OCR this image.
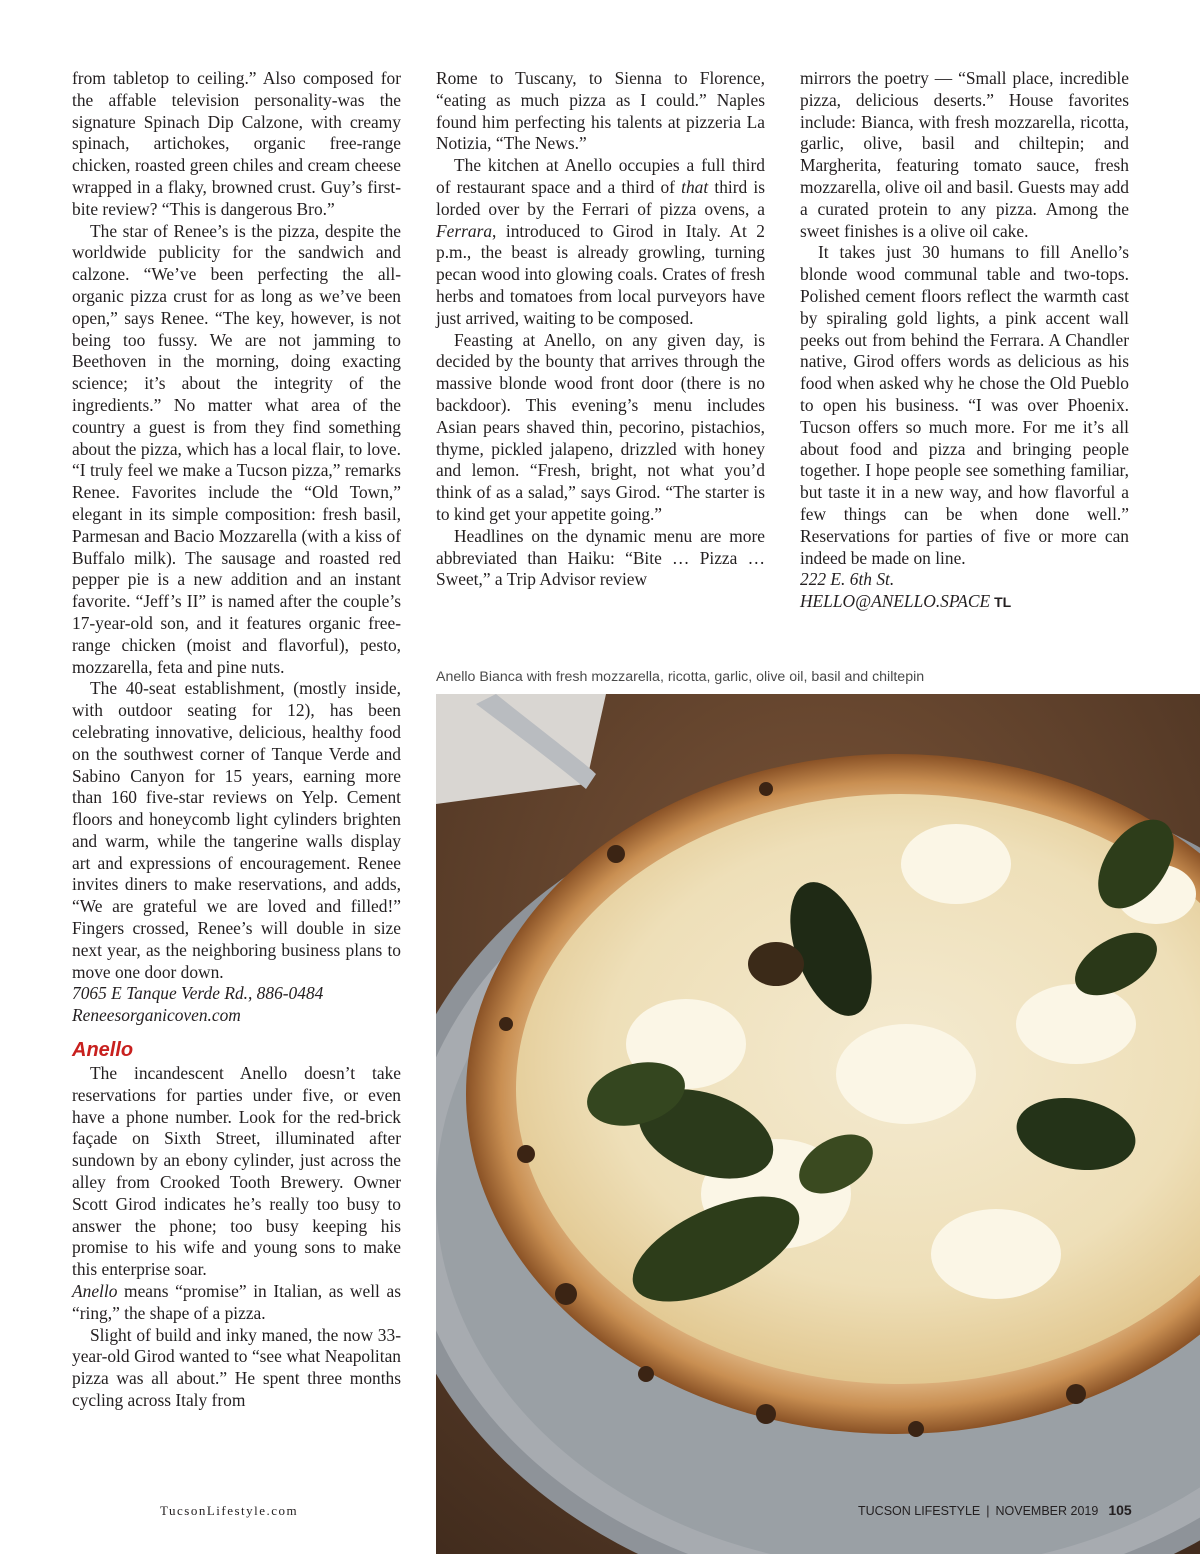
from tabletop to ceiling.” Also composed for the affable television personality-was the signature Spinach Dip Calzone, with creamy spinach, artichokes, organic free-range chicken, roasted green chiles and cream cheese wrapped in a flaky, browned crust. Guy’s first-bite review? “This is dangerous Bro.”

The star of Renee’s is the pizza, despite the worldwide publicity for the sandwich and calzone. “We’ve been perfecting the all-organic pizza crust for as long as we’ve been open,” says Renee. “The key, however, is not being too fussy. We are not jamming to Beethoven in the morning, doing exacting science; it’s about the integrity of the ingredients.” No matter what area of the country a guest is from they find something about the pizza, which has a local flair, to love. “I truly feel we make a Tucson pizza,” remarks Renee. Favorites include the “Old Town,” elegant in its simple composition: fresh basil, Parmesan and Bacio Mozzarella (with a kiss of Buffalo milk). The sausage and roasted red pepper pie is a new addition and an instant favorite. “Jeff’s II” is named after the couple’s 17-year-old son, and it features organic free-range chicken (moist and flavorful), pesto, mozzarella, feta and pine nuts.

The 40-seat establishment, (mostly inside, with outdoor seating for 12), has been celebrating innovative, delicious, healthy food on the southwest corner of Tanque Verde and Sabino Canyon for 15 years, earning more than 160 five-star reviews on Yelp. Cement floors and honeycomb light cylinders brighten and warm, while the tangerine walls display art and expressions of encouragement. Renee invites diners to make reservations, and adds, “We are grateful we are loved and filled!” Fingers crossed, Renee’s will double in size next year, as the neighboring business plans to move one door down.

7065 E Tanque Verde Rd., 886-0484

Reneesorganicoven.com

Anello

The incandescent Anello doesn’t take reservations for parties under five, or even have a phone number. Look for the red-brick façade on Sixth Street, illuminated after sundown by an ebony cylinder, just across the alley from Crooked Tooth Brewery. Owner Scott Girod indicates he’s really too busy to answer the phone; too busy keeping his promise to his wife and young sons to make this enterprise soar.

Anello means “promise” in Italian, as well as “ring,” the shape of a pizza.

Slight of build and inky maned, the now 33-year-old Girod wanted to “see what Neapolitan pizza was all about.” He spent three months cycling across Italy from

Rome to Tuscany, to Sienna to Florence, “eating as much pizza as I could.” Naples found him perfecting his talents at pizzeria La Notizia, “The News.”

The kitchen at Anello occupies a full third of restaurant space and a third of that third is lorded over by the Ferrari of pizza ovens, a Ferrara, introduced to Girod in Italy. At 2 p.m., the beast is already growling, turning pecan wood into glowing coals. Crates of fresh herbs and tomatoes from local purveyors have just arrived, waiting to be composed.

Feasting at Anello, on any given day, is decided by the bounty that arrives through the massive blonde wood front door (there is no backdoor). This evening’s menu includes Asian pears shaved thin, pecorino, pistachios, thyme, pickled jalapeno, drizzled with honey and lemon. “Fresh, bright, not what you’d think of as a salad,” says Girod. “The starter is to kind get your appetite going.”

Headlines on the dynamic menu are more abbreviated than Haiku: “Bite … Pizza … Sweet,” a Trip Advisor review

mirrors the poetry — “Small place, incredible pizza, delicious deserts.” House favorites include: Bianca, with fresh mozzarella, ricotta, garlic, olive, basil and chiltepin; and Margherita, featuring tomato sauce, fresh mozzarella, olive oil and basil. Guests may add a curated protein to any pizza. Among the sweet finishes is a olive oil cake.

It takes just 30 humans to fill Anello’s blonde wood communal table and two-tops. Polished cement floors reflect the warmth cast by spiraling gold lights, a pink accent wall peeks out from behind the Ferrara. A Chandler native, Girod offers words as delicious as his food when asked why he chose the Old Pueblo to open his business. “I was over Phoenix. Tucson offers so much more. For me it’s all about food and pizza and bringing people together. I hope people see something familiar, but taste it in a new way, and how flavorful a few things can be when done well.” Reservations for parties of five or more can indeed be made on line.

222 E. 6th St.

HELLO@ANELLO.SPACE TL

Anello Bianca with fresh mozzarella, ricotta, garlic, olive oil, basil and chiltepin
TucsonLifestyle.com	TUCSON LIFESTYLE | NOVEMBER 2019 105
